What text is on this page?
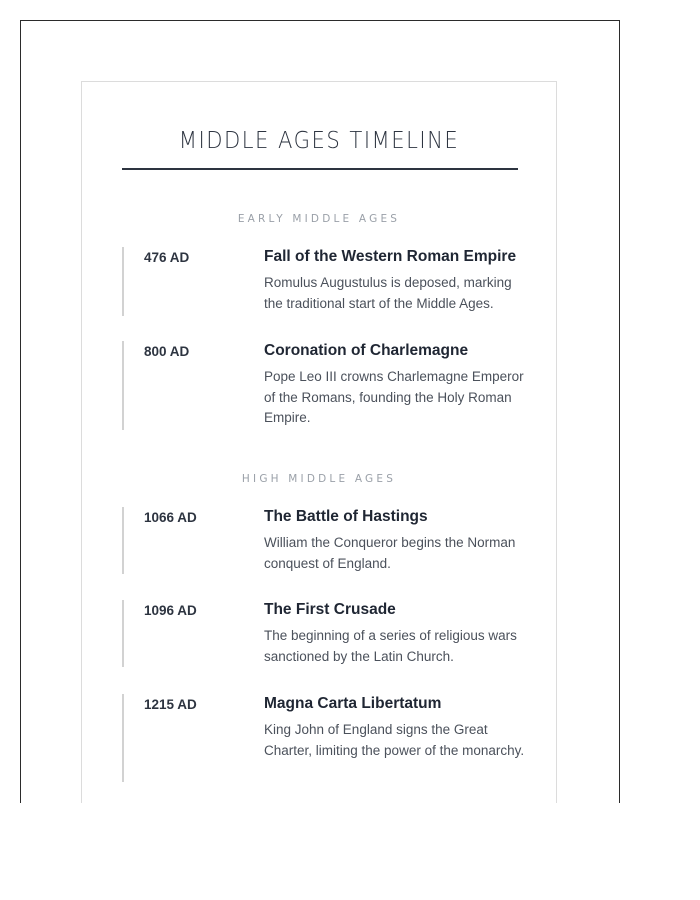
MIDDLE AGES TIMELINE
EARLY MIDDLE AGES
476 AD	Fall of the Western Roman Empire

Romulus Augustulus is deposed, marking the traditional start of the Middle Ages.

800 AD	Coronation of Charlemagne

Pope Leo III crowns Charlemagne Emperor of the Romans, founding the Holy Roman Empire.

HIGH MIDDLE AGES
1066 AD	The Battle of Hastings

William the Conqueror begins the Norman conquest of England.

1096 AD	The First Crusade

The beginning of a series of religious wars sanctioned by the Latin Church.

1215 AD	Magna Carta Libertatum

King John of England signs the Great Charter, limiting the power of the monarchy.
